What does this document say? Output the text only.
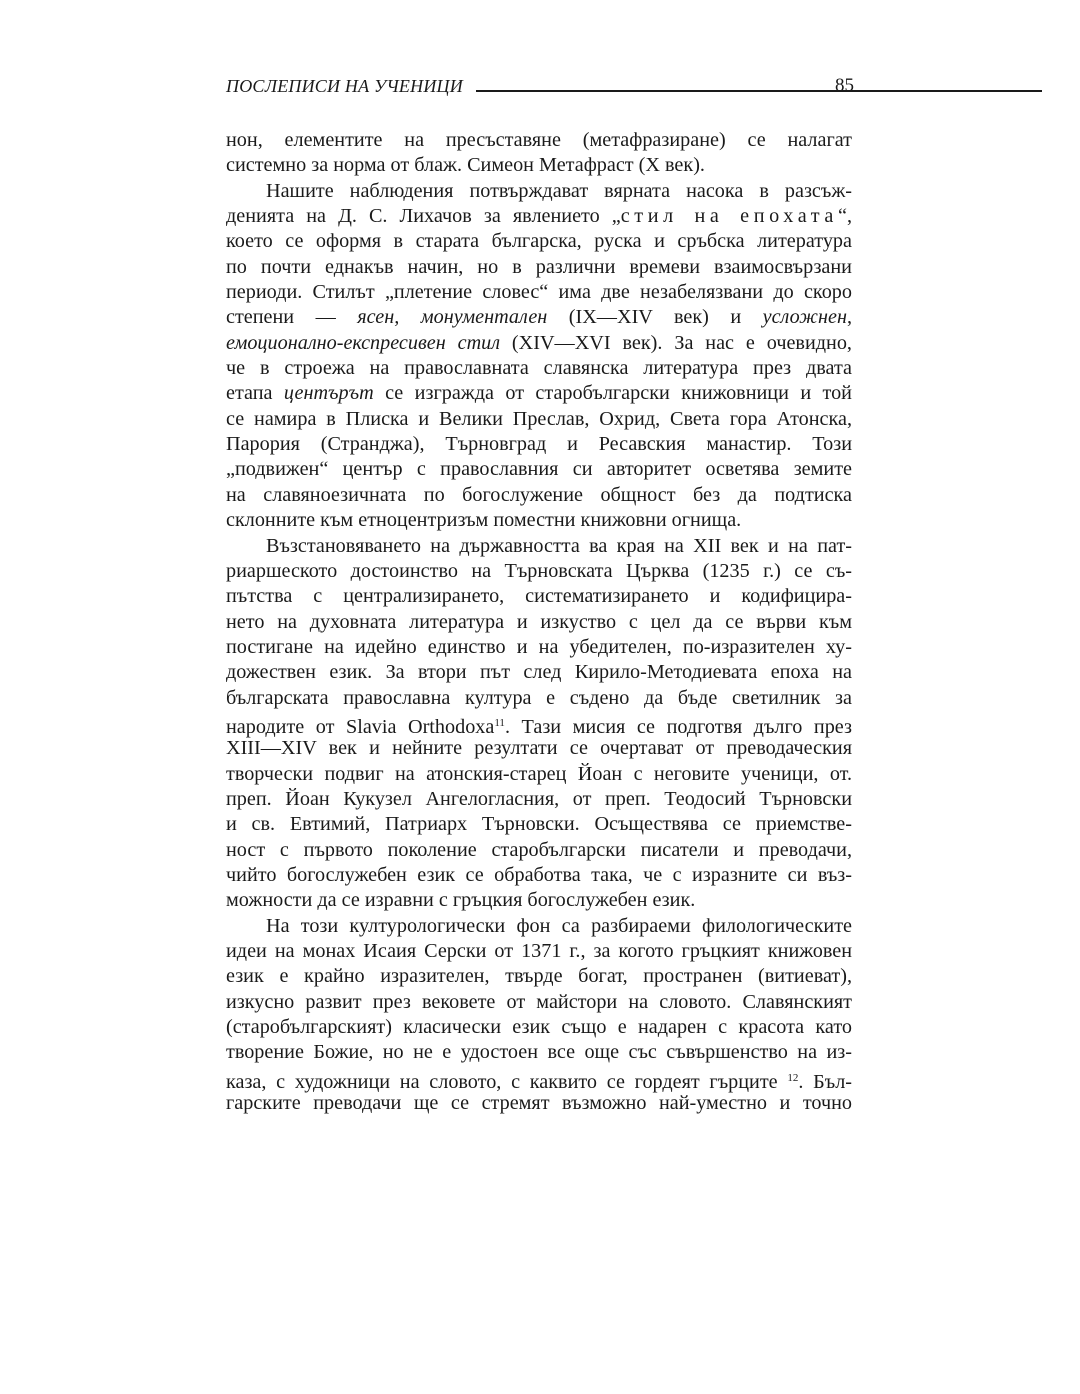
ПОСЛЕПИСИ НА УЧЕНИЦИ	85
нон, елементите на пресъставяне (метафразиране) се налагат
системно за норма от блаж. Симеон Метафраст (X век).
Нашите наблюдения потвърждават вярната насока в разсъж-
денията на Д. С. Лихачов за явлението „стил на епохата“,
което се оформя в старата българска, руска и сръбска литература
по почти еднакъв начин, но в различни времеви взаимосвързани
периоди. Стилът „плетение словес“ има две незабелязвани до скоро
степени — ясен, монументален (IX—XIV век) и усложнен,
емоционално-експресивен стил (XIV—XVI век). За нас е очевидно,
че в строежа на православната славянска литература през двата
етапа центърът се изгражда от старобългарски книжовници и той
се намира в Плиска и Велики Преслав, Охрид, Света гора Атонска,
Парория (Странджа), Търновград и Ресавския манастир. Този
„подвижен“ център с православния си авторитет осветява земите
на славяноезичната по богослужение общност без да подтиска
склонните към етноцентризъм поместни книжовни огнища.
Възстановяването на държавността ва края на XII век и на пат-
риаршеското достоинство на Търновската Църква (1235 г.) се съ-
пътства с централизирането, систематизирането и кодифицира-
нето на духовната литература и изкуство с цел да се върви към
постигане на идейно единство и на убедителен, по-изразителен ху-
дожествен език. За втори път след Кирило-Методиевата епоха на
българската православна култура е съдено да бъде светилник за
народите от Slavia Orthodoxa$^{11}$. Тази мисия се подготвя дълго през
XIII—XIV век и нейните резултати се очертават от преводаческия
творчески подвиг на атонския-старец Йоан с неговите ученици, от.
преп. Йоан Кукузел Ангелогласния, от преп. Теодосий Търновски
и св. Евтимий, Патриарх Търновски. Осъществява се приемстве-
ност с първото поколение старобългарски писатели и преводачи,
чийто богослужебен език се обработва така, че с изразните си въз-
можности да се изравни с гръцкия богослужебен език.
На този културологически фон са разбираеми филологическите
идеи на монах Исаия Серски от 1371 г., за когото гръцкият книжовен
език е крайно изразителен, твърде богат, пространен (витиеват),
изкусно развит през вековете от майстори на словото. Славянският
(старобългарският) класически език също е надарен с красота като
творение Божие, но не е удостоен все още със съвършенство на из-
каза, с художници на словото, с каквито се гордеят гърците $^{12}$. Бъл-
гарските преводачи ще се стремят възможно най-уместно и точно
